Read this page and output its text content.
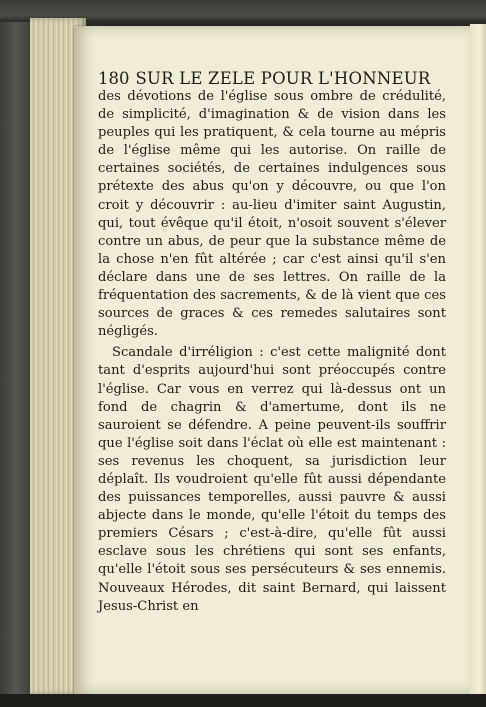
180 SUR LE ZELE POUR L'HONNEUR

des dévotions de l'église sous ombre de crédulité, de simplicité, d'imagination & de vision dans les peuples qui les pratiquent, & cela tourne au mépris de l'église même qui les autorise. On raille de certaines sociétés, de certaines indulgences sous prétexte des abus qu'on y découvre, ou que l'on croit y découvrir : au-lieu d'imiter saint Augustin, qui, tout évêque qu'il étoit, n'osoit souvent s'élever contre un abus, de peur que la substance même de la chose n'en fût altérée ; car c'est ainsi qu'il s'en déclare dans une de ses lettres. On raille de la fréquentation des sacrements, & de là vient que ces sources de graces & ces remedes salutaires sont négligés.

Scandale d'irréligion : c'est cette malignité dont tant d'esprits aujourd'hui sont préoccupés contre l'église. Car vous en verrez qui là-dessus ont un fond de chagrin & d'amertume, dont ils ne sauroient se défendre. A peine peuvent-ils souffrir que l'église soit dans l'éclat où elle est maintenant : ses revenus les choquent, sa jurisdiction leur déplaît. Ils voudroient qu'elle fût aussi dépendante des puissances temporelles, aussi pauvre & aussi abjecte dans le monde, qu'elle l'étoit du temps des premiers Césars ; c'est-à-dire, qu'elle fût aussi esclave sous les chrétiens qui sont ses enfants, qu'elle l'étoit sous ses persécuteurs & ses ennemis. Nouveaux Hérodes, dit saint Bernard, qui laissent Jesus-Christ en
